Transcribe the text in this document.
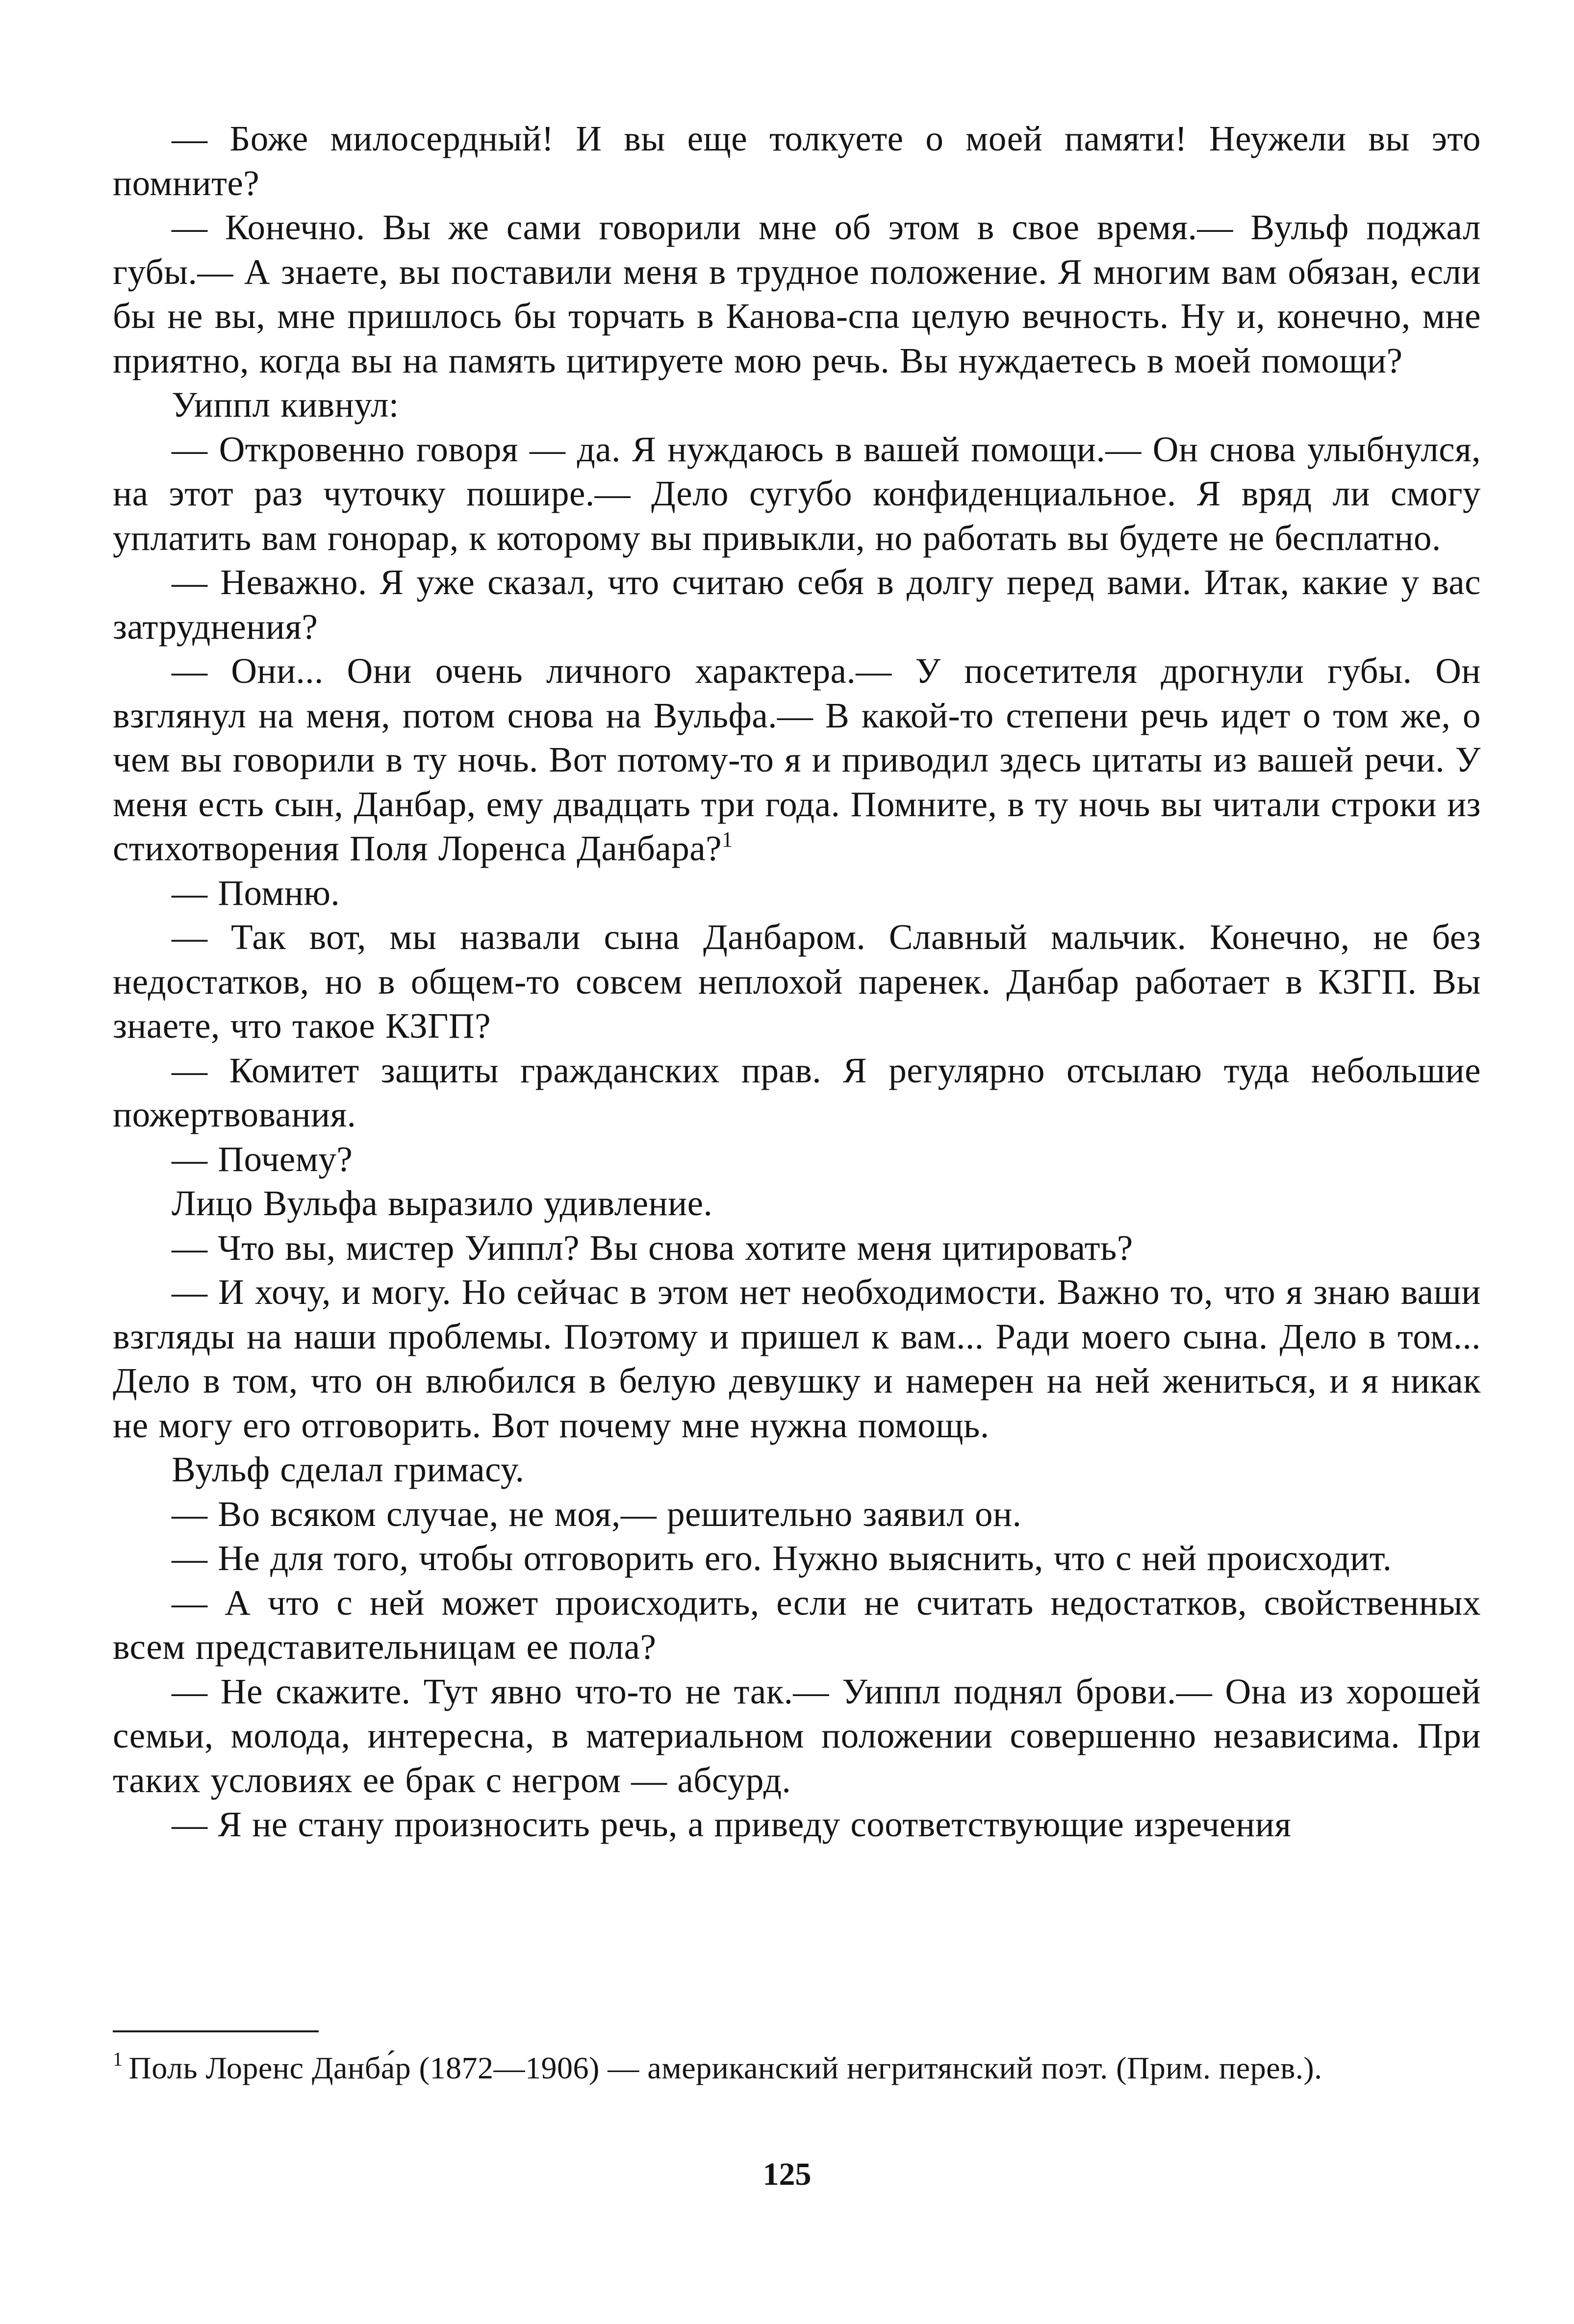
— Боже милосердный! И вы еще толкуете о моей памяти! Неужели вы это помните?

— Конечно. Вы же сами говорили мне об этом в свое время.— Вульф поджал губы.— А знаете, вы поставили меня в трудное положение. Я многим вам обязан, если бы не вы, мне пришлось бы торчать в Канова-спа целую вечность. Ну и, конечно, мне приятно, когда вы на память цитируете мою речь. Вы нуждаетесь в моей помощи?

Уиппл кивнул:

— Откровенно говоря — да. Я нуждаюсь в вашей помощи.— Он снова улыбнулся, на этот раз чуточку пошире.— Дело сугубо конфиденциальное. Я вряд ли смогу уплатить вам гонорар, к которому вы привыкли, но работать вы будете не бесплатно.

— Неважно. Я уже сказал, что считаю себя в долгу перед вами. Итак, какие у вас затруднения?

— Они... Они очень личного характера.— У посетителя дрогнули губы. Он взглянул на меня, потом снова на Вульфа.— В какой-то степени речь идет о том же, о чем вы говорили в ту ночь. Вот потому-то я и приводил здесь цитаты из вашей речи. У меня есть сын, Данбар, ему двадцать три года. Помните, в ту ночь вы читали строки из стихотворения Поля Лоренса Данбара?$^1$

— Помню.

— Так вот, мы назвали сына Данбаром. Славный мальчик. Конечно, не без недостатков, но в общем-то совсем неплохой паренек. Данбар работает в КЗГП. Вы знаете, что такое КЗГП?

— Комитет защиты гражданских прав. Я регулярно отсылаю туда небольшие пожертвования.

— Почему?

Лицо Вульфа выразило удивление.

— Что вы, мистер Уиппл? Вы снова хотите меня цитировать?

— И хочу, и могу. Но сейчас в этом нет необходимости. Важно то, что я знаю ваши взгляды на наши проблемы. Поэтому и пришел к вам... Ради моего сына. Дело в том... Дело в том, что он влюбился в белую девушку и намерен на ней жениться, и я никак не могу его отговорить. Вот почему мне нужна помощь.

Вульф сделал гримасу.

— Во всяком случае, не моя,— решительно заявил он.

— Не для того, чтобы отговорить его. Нужно выяснить, что с ней происходит.

— А что с ней может происходить, если не считать недостатков, свойственных всем представительницам ее пола?

— Не скажите. Тут явно что-то не так.— Уиппл поднял брови.— Она из хорошей семьи, молода, интересна, в материальном положении совершенно независима. При таких условиях ее брак с негром — абсурд.

— Я не стану произносить речь, а приведу соответствующие изречения

$^1$ Поль Лоренс Данба́р (1872—1906) — американский негритянский поэт. (Прим. перев.).
125
